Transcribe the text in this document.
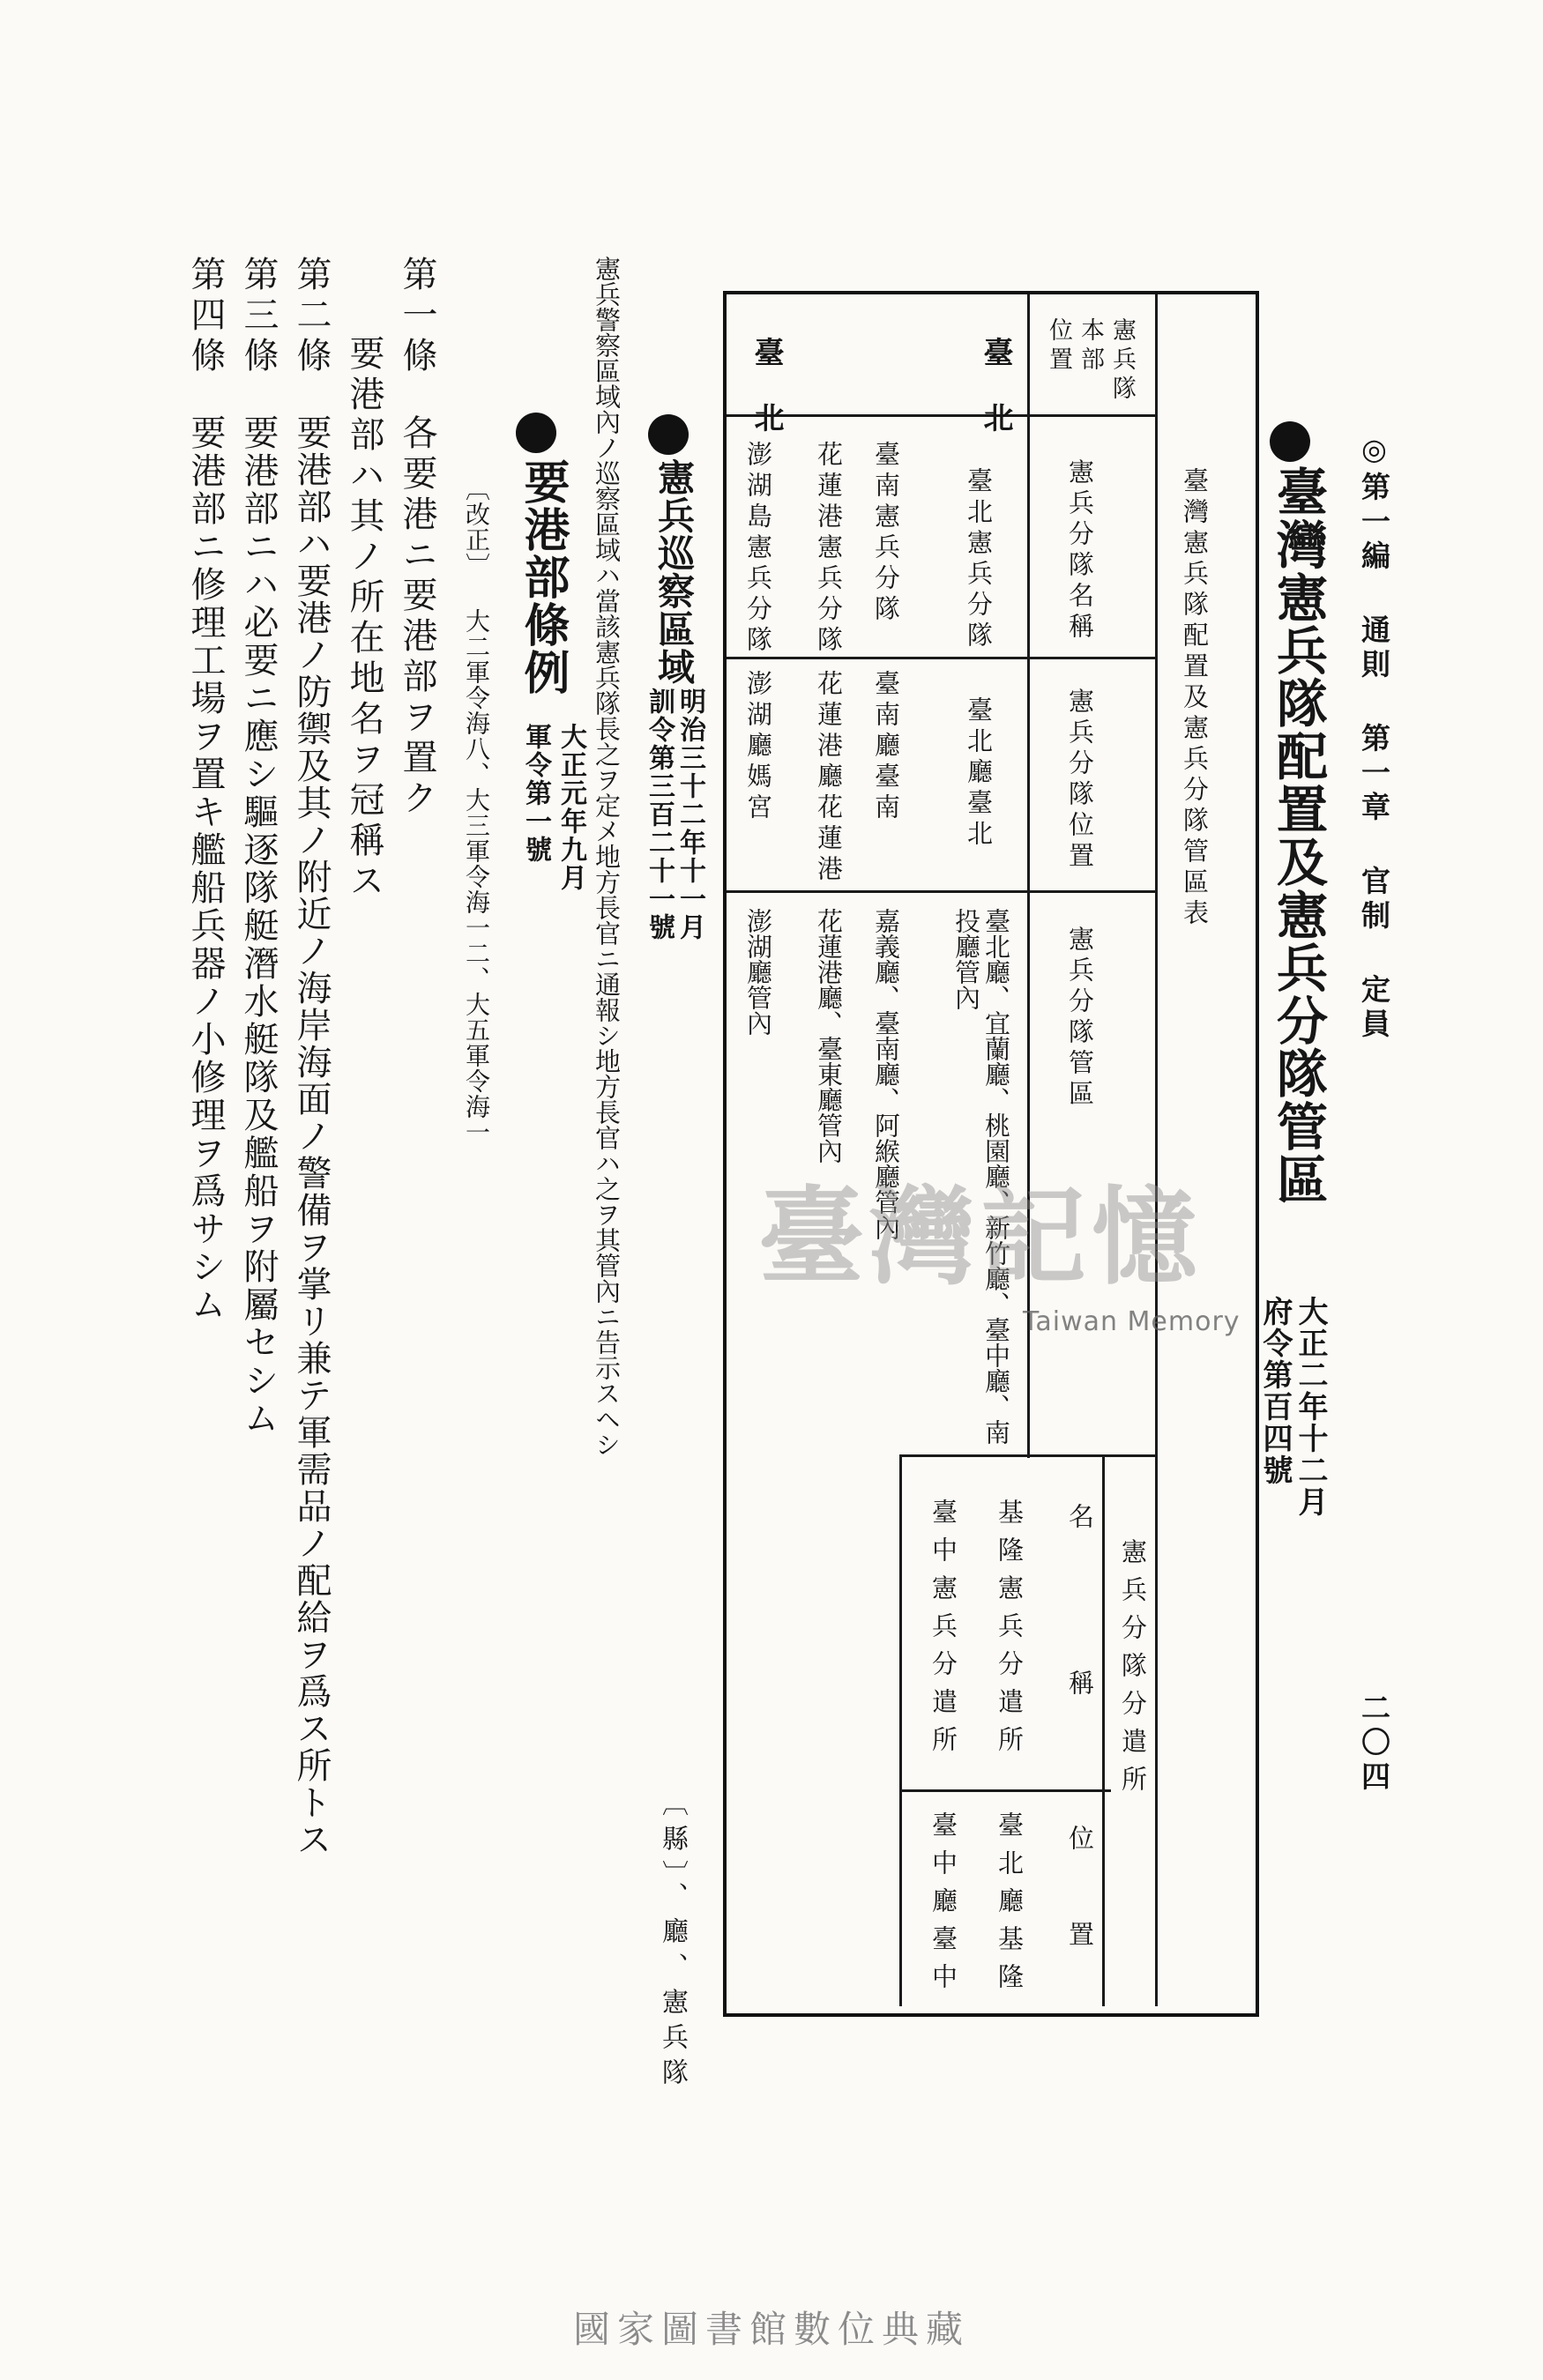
◎第一編 通則 第一章 官制 定員
二〇四
臺灣憲兵隊配置及憲兵分隊管區
大正二年十二月
府令第百四號
臺灣憲兵隊配置及憲兵分隊管區表
憲兵隊
本部
位置
憲兵分隊名稱
憲兵分隊位置
憲兵分隊管區
臺北
臺北
臺北憲兵分隊
臺北廳臺北
臺北廳、宜蘭廳、桃園廳、新竹廳、臺中廳、南
投廳管內
臺南憲兵分隊
臺南廳臺南
嘉義廳、臺南廳、阿緱廳管內
花蓮港憲兵分隊
花蓮港廳花蓮港
花蓮港廳、臺東廳管內
澎湖島憲兵分隊
澎湖廳媽宮
澎湖廳管內
憲兵分隊分遣所
名稱
位置
基隆憲兵分遣所
臺北廳基隆
臺中憲兵分遣所
臺中廳臺中
憲兵巡察區域
明治三十二年十一月
訓令第三百二十一號
〔縣〕、廳、憲兵隊
憲兵警察區域內ノ巡察區域ハ當該憲兵隊長之ヲ定メ地方長官ニ通報シ地方長官ハ之ヲ其管內ニ告示スヘシ
要港部條例
大正元年九月
軍令第一號
〔改正〕 大二軍令海八、大三軍令海一二、大五軍令海一
第一條
各要港ニ要港部ヲ置ク
要港部ハ其ノ所在地名ヲ冠稱ス
第二條
要港部ハ要港ノ防禦及其ノ附近ノ海岸海面ノ警備ヲ掌リ兼テ軍需品ノ配給ヲ爲ス所トス
第三條
要港部ニハ必要ニ應シ驅逐隊艇潛水艇隊及艦船ヲ附屬セシム
第四條
要港部ニ修理工場ヲ置キ艦船兵器ノ小修理ヲ爲サシム	臺灣記憶
Taiwan Memory
國家圖書館數位典藏
